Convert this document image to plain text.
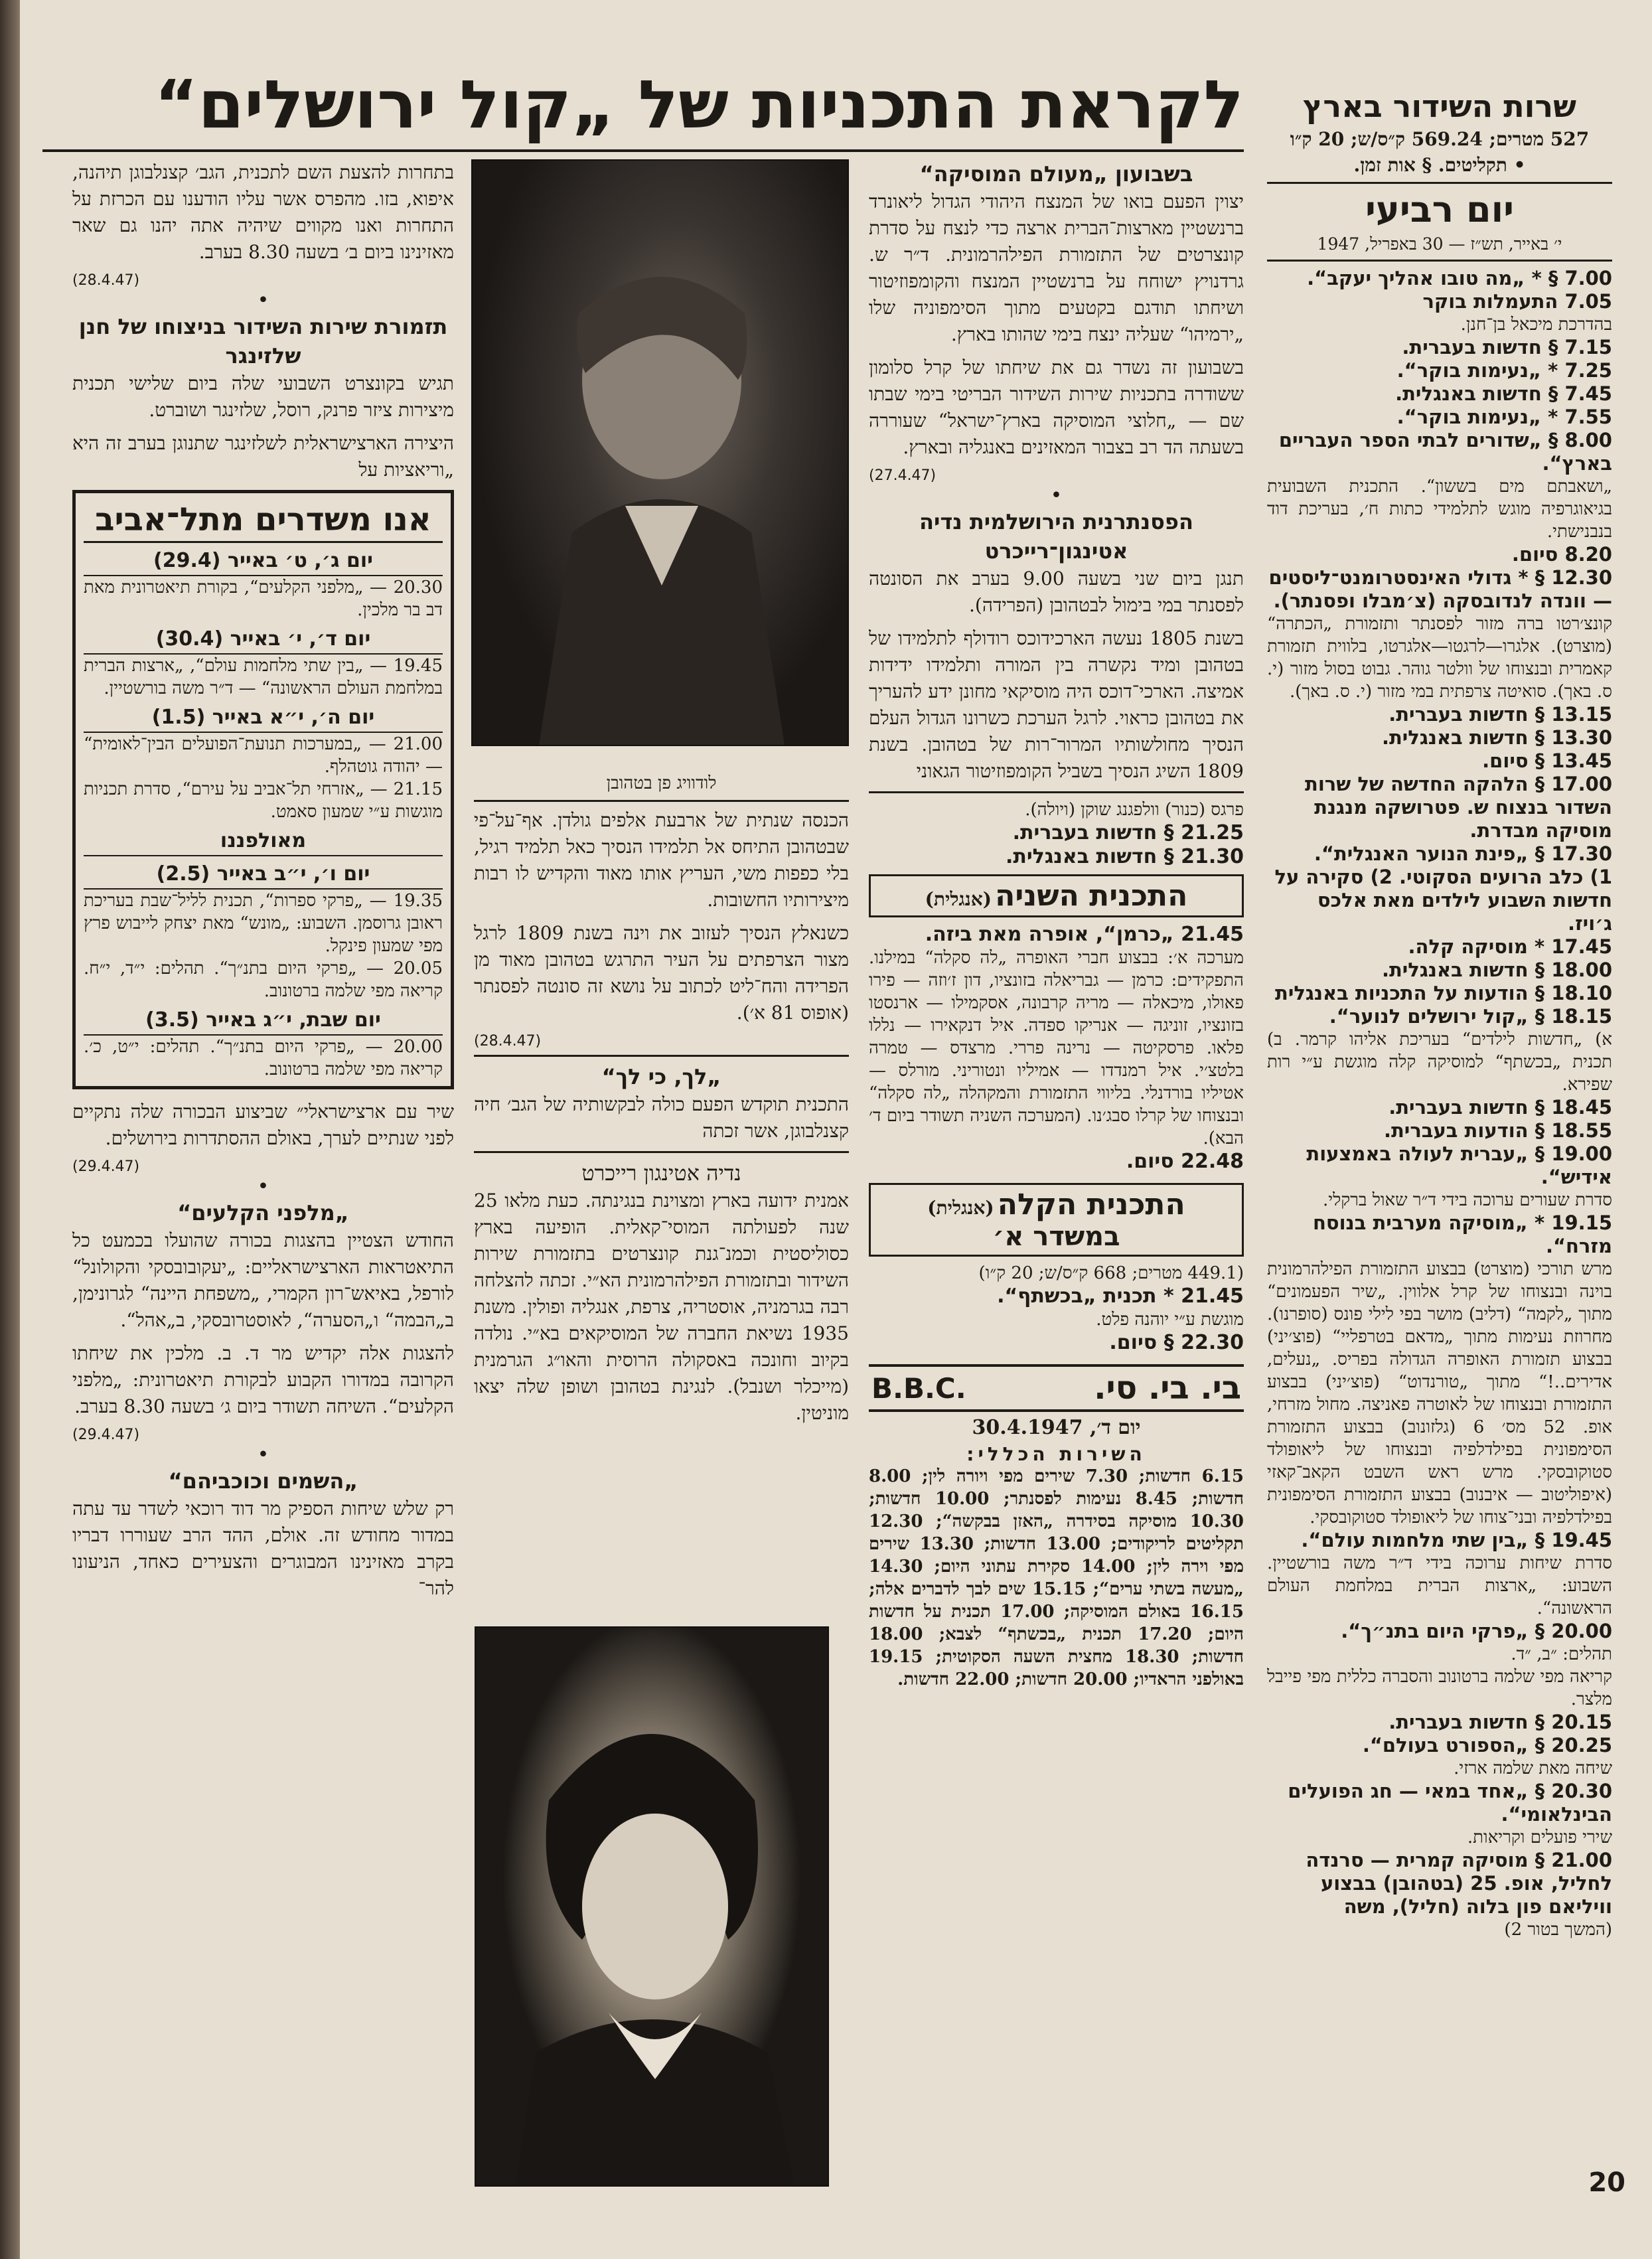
לקראת התכניות של „קול ירושלים“	שרות השידור בארץ
527 מטרים; 569.24 ק״ס/ש; 20 ק״ו
• תקליטים. § אות זמן.
יום רביעי
י׳ באייר, תש״ז — 30 באפריל, 1947
7.00 § * „מה טובו אהליך יעקב“.
7.05 התעמלות בוקר
בהדרכת מיכאל בן־חנן.
7.15 § חדשות בעברית.
7.25 * „נעימות בוקר“.
7.45 § חדשות באנגלית.
7.55 * „נעימות בוקר“.
8.00 § „שדורים לבתי הספר העבריים בארץ“.
„ושאבתם מים בששון“. התכנית השבועית בגיאוגרפיה מוגש לתלמידי כתות ח׳, בעריכת דוד בנבנישתי.
8.20 סיום.
12.30 § * גדולי האינסטרומנט־ליסטים — וונדה לנדובסקה (צ׳מבלו ופסנתר).
קונצ׳רטו ברה מזור לפסנתר ותזמורת „הכתרה“ (מוצרט). אלגרו—לרגטו—אלגרטו, בלווית תזמורת קאמרית ובנצוחו של וולטר גוהר. גבוט בסול מזור (י. ס. באך). סואיטה צרפתית במי מזור (י. ס. באך).
13.15 § חדשות בעברית.
13.30 § חדשות באנגלית.
13.45 § סיום.
17.00 § הלהקה החדשה של שרות השדור בנצוח ש. פטרושקה מנגנת מוסיקה מבדרת.
17.30 § „פינת הנוער האנגלית“.
1) כלב הרועים הסקוטי. 2) סקירה על חדשות השבוע לילדים מאת אלכס ג׳ויז.
17.45 * מוסיקה קלה.
18.00 § חדשות באנגלית.
18.10 § הודעות על התכניות באנגלית
18.15 § „קול ירושלים לנוער“.
א) „חדשות לילדים“ בעריכת אליהו קרמר. ב) תכנית „בכשתף“ למוסיקה קלה מוגשת ע״י רות שפירא.
18.45 § חדשות בעברית.
18.55 § הודעות בעברית.
19.00 § „עברית לעולה באמצעות אידיש“.
סדרת שעורים ערוכה בידי ד״ר שאול ברקלי.
19.15 * „מוסיקה מערבית בנוסח מזרח“.
מרש תורכי (מוצרט) בבצוע התזמורת הפילהרמונית בוינה ובנצוחו של קרל אלווין. „שיר הפעמונים“ מתוך „לקמה“ (דליב) מושר בפי לילי פונס (סופרנו). מחרוזת נעימות מתוך „מדאם בטרפליי“ (פוצ׳יני) בבצוע תזמורת האופרה הגדולה בפריס. „נעלים, אדירים..!“ מתוך „טורנדוט“ (פוצ׳יני) בבצוע התזמורת ובנצוחו של לאוטרה פאניצה. מחול מזרחי, אופ. 52 מס׳ 6 (גלזונוב) בבצוע התזמורת הסימפונית בפילדלפיה ובנצוחו של ליאופולד סטוקובסקי. מרש ראש השבט הקאב־קאזי (איפוליטוב — איבנוב) בבצוע התזמורת הסימפונית בפילדלפיה ובני־צוחו של ליאופולד סטוקובסקי.
19.45 § „בין שתי מלחמות עולם“.
סדרת שיחות ערוכה בידי ד״ר משה בורשטיין. השבוע: „ארצות הברית במלחמת העולם הראשונה“.
20.00 § „פרקי היום בתנ״ך“.
תהלים: ״ב, ״ד.
קריאה מפי שלמה ברטונוב והסברה כללית מפי פייבל מלצר.
20.15 § חדשות בעברית.
20.25 § „הספורט בעולם“.
שיחה מאת שלמה ארזי.
20.30 § „אחד במאי — חג הפועלים הבינלאומי“.
שירי פועלים וקריאות.
21.00 § מוסיקה קמרית — סרנדה לחליל, אופ. 25 (בטהובן) בבצוע וויליאם פון בלוה (חליל), משה
(המשך בטור 2)
בשבועון „מעולם המוסיקה“

יצוין הפעם בואו של המנצח היהודי הגדול ליאונרד ברנשטיין מארצות־הברית ארצה כדי לנצח על סדרת קונצרטים של התזמורת הפילהרמונית. ד״ר ש. גרדנויץ ישוחח על ברנשטיין המנצח והקומפוזיטור ושיחתו תודגם בקטעים מתוך הסימפוניה שלו „ירמיהו“ שעליה ינצח בימי שהותו בארץ.

בשבועון זה נשדר גם את שיחתו של קרל סלומון ששודרה בתכניות שירות השידור הבריטי בימי שבתו שם — „חלוצי המוסיקה בארץ־ישראל“ שעוררה בשעתה הד רב בצבור המאזינים באנגליה ובארץ.

(27.4.47)
•
הפסנתרנית הירושלמית נדיה אטינגון־רייכרט

תנגן ביום שני בשעה 9.00 בערב את הסונטה לפסנתר במי בימול לבטהובן (הפרידה).

בשנת 1805 נעשה הארכידוכס רודולף לתלמידו של בטהובן ומיד נקשרה בין המורה ותלמידו ידידות אמיצה. הארכי־דוכס היה מוסיקאי מחונן ידע להעריך את בטהובן כראוי. לרגל הערכת כשרונו הגדול העלם הנסיך מחולשותיו המרור־רות של בטהובן. בשנת 1809 השיג הנסיך בשביל הקומפוזיטור הגאוני

פרגס (כנור) וולפגנג שוקן (ויולה).
21.25 § חדשות בעברית.
21.30 § חדשות באנגלית.
התכנית השניה (אנגלית)
21.45 „כרמן“, אופרה מאת ביזה.
מערכה א׳: בבצוע חברי האופרה „לה סקלה“ במילנו. התפקידים: כרמן — גבריאלה בזונציו, דון ז׳וזה — פירו פאולו, מיכאלה — מריה קרבונה, אסקמילו — ארנסטו בזונציו, זוניגה — אנריקו ספדה. איל דנקאירו — נללו פלאו. פרסקיטה — נרינה פררי. מרצדס — טמרה בלטצ׳י. איל רמנדדו — אמיליו ונטוריני. מורלס — אטיליו בורדנלי. בליווי התזמורת והמקהלה „לה סקלה“ ובנצוחו של קרלו סבג׳נו. (המערכה השניה תשודר ביום ד׳ הבא).
22.48 סיום.
התכנית הקלה (אנגלית)
במשדר א׳
(449.1 מטרים; 668 ק״ס/ש; 20 ק״ו)
21.45 * תכנית „בכשתף“.
מוגשת ע״י יוהנה פלט.
22.30 § סיום.
בי. בי. סי.
B.B.C.
יום ד׳, 30.4.1947
השירות הכללי:

6.15 חדשות; 7.30 שירים מפי ויורה לין; 8.00 חדשות; 8.45 נעימות לפסנתר; 10.00 חדשות; 10.30 מוסיקה בסידרה „האזן בבקשה“; 12.30 תקליטים לריקודים; 13.00 חדשות; 13.30 שירים מפי וירה לין; 14.00 סקירת עתוני היום; 14.30 „מעשה בשתי ערים“; 15.15 שים לבך לדברים אלה; 16.15 באולם המוסיקה; 17.00 תכנית על חדשות היום; 17.20 תכנית „בכשתף“ לצבא; 18.00 חדשות; 18.30 מחצית השעה הסקוטית; 19.15 באולפני הראדיו; 20.00 חדשות; 22.00 חדשות.

לודוויג פן בטהובן

הכנסה שנתית של ארבעת אלפים גולדן. אף־על־פי שבטהובן התיחס אל תלמידו הנסיך כאל תלמיד רגיל, בלי כפפות משי, העריץ אותו מאוד והקדיש לו רבות מיצירותיו החשובות.

כשנאלץ הנסיך לעזוב את וינה בשנת 1809 לרגל מצור הצרפתים על העיר התרגש בטהובן מאוד מן הפרידה והח־ליט לכתוב על נושא זה סונטה לפסנתר (אופוס 81 א׳).

(28.4.47)
„לך, כי לך“

התכנית תוקדש הפעם כולה לבקשותיה של הגב׳ חיה קצנלבוגן, אשר זכתה

נדיה אטינגון רייכרט

אמנית ידועה בארץ ומצוינת בנגינתה. כעת מלאו 25 שנה לפעולתה המוסי־קאלית. הופיעה בארץ כסוליסטית וכמנ־גנת קונצרטים בתזמורת שירות השידור ובתזמורת הפילהרמונית הא״י. זכתה להצלחה רבה בגרמניה, אוסטריה, צרפת, אנגליה ופולין. משנת 1935 נשיאת החברה של המוסיקאים בא״י. נולדה בקיוב וחונכה באסקולה הרוסית והאו״ג הגרמנית (מייכלר ושנבל). לנגינת בטהובן ושופן שלה יצאו מוניטין.

בתחרות להצעת השם לתכנית, הגב׳ קצנלבוגן תיהנה, איפוא, בזו. מהפרס אשר עליו הודענו עם הכרזת על התחרות ואנו מקווים שיהיה אתה יהנו גם שאר מאזינינו ביום ב׳ בשעה 8.30 בערב.

(28.4.47)
•
תזמורת שירות השידור בניצוחו של חנן שלזינגר

תגיש בקונצרט השבועי שלה ביום שלישי תכנית מיצירות ציזר פרנק, רוסל, שלזינגר ושוברט.

היצירה הארצישראלית לשלזינגר שתנוגן בערב זה היא „וריאציות על

אנו משדרים מתל־אביב
יום ג׳, ט׳ באייר (29.4)
20.30 — „מלפני הקלעים“, בקורת תיאטרונית מאת דב בר מלכין.
יום ד׳, י׳ באייר (30.4)
19.45 — „בין שתי מלחמות עולם“, „ארצות הברית במלחמת העולם הראשונה“ — ד״ר משה בורשטיין.
יום ה׳, י״א באייר (1.5)
21.00 — „במערכות תנועת־הפועלים הבין־לאומית“ — יהודה גוטהלף.
21.15 — „אזרחי תל־אביב על עירם“, סדרת תכניות מוגשות ע״י שמעון סאמט.
מאולפננו
יום ו׳, י״ב באייר (2.5)
19.35 — „פרקי ספרות“, תכנית לליל־שבת בעריכת ראובן גרוסמן. השבוע: „מונש“ מאת יצחק לייבוש פרץ מפי שמעון פינקל.
20.05 — „פרקי היום בתנ״ך“. תהלים: י״ד, י״ח. קריאה מפי שלמה ברטונוב.
יום שבת, י״ג באייר (3.5)
20.00 — „פרקי היום בתנ״ך“. תהלים: י״ט, כ׳. קריאה מפי שלמה ברטונוב.

שיר עם ארצישראלי״ שביצוע הבכורה שלה נתקיים לפני שנתיים לערך, באולם ההסתדרות בירושלים.

(29.4.47)
•
„מלפני הקלעים“

החודש הצטיין בהצגות בכורה שהועלו בכמעט כל התיאטראות הארצישראליים: „יעקובובסקי והקולונל“ לורפל, באיאש־רון הקמרי, „משפחת היינה“ לגרונימן, ב„הבמה“ ו„הסערה“, לאוסטרובסקי, ב„אהל“.

להצגות אלה יקדיש מר ד. ב. מלכין את שיחתו הקרובה במדורו הקבוע לבקורת תיאטרונית: „מלפני הקלעים“. השיחה תשודר ביום ג׳ בשעה 8.30 בערב.

(29.4.47)
•
„השמים וכוכביהם“

רק שלש שיחות הספיק מר דוד רוכאי לשדר עד עתה במדור מחודש זה. אולם, ההד הרב שעוררו דבריו בקרב מאזינינו המבוגרים והצעירים כאחד, הניעונו להר־

20
